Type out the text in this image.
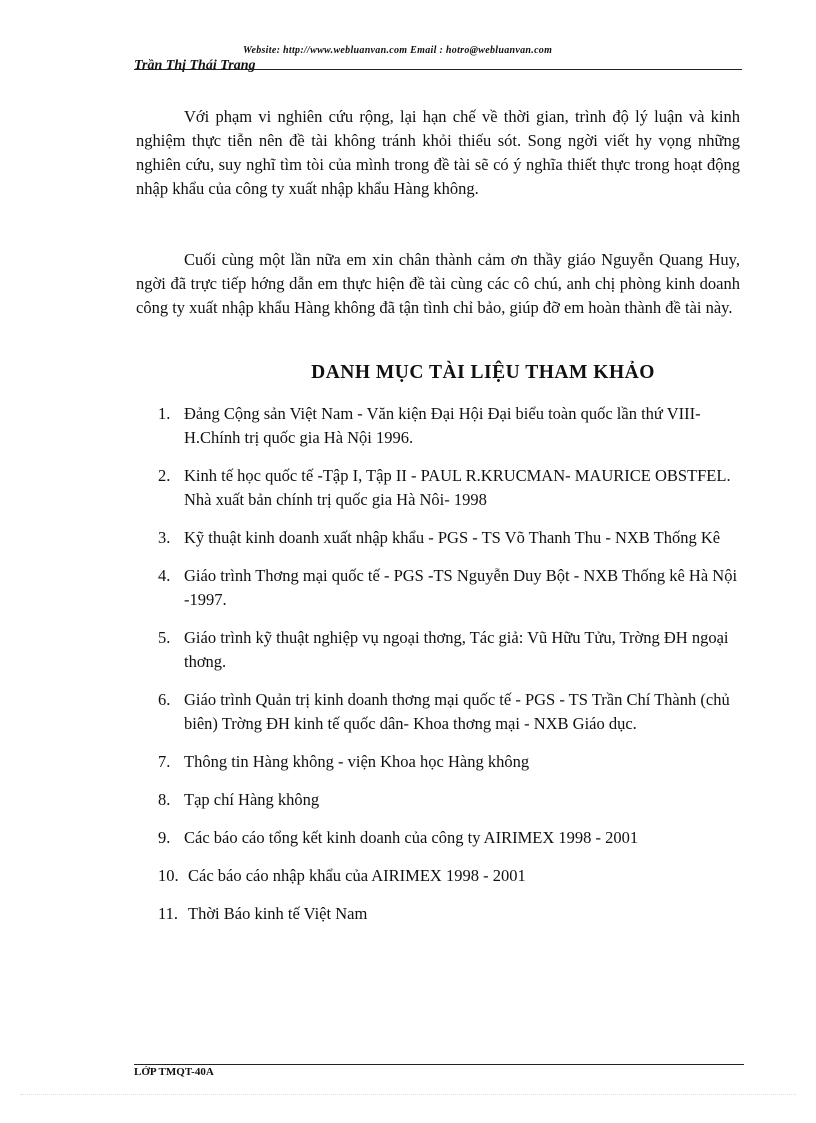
Website: http://www.webluanvan.com Email : hotro@webluanvan.com
Trần Thị Thái Trang

Với phạm vi nghiên cứu rộng, lại hạn chế về thời gian, trình độ lý luận và kinh nghiệm thực tiễn nên đề tài không tránh khỏi thiếu sót. Song ngời viết hy vọng những nghiên cứu, suy nghĩ tìm tòi của mình trong đề tài sẽ có ý nghĩa thiết thực trong hoạt động nhập khẩu của công ty xuất nhập khẩu Hàng không.

Cuối cùng một lần nữa em xin chân thành cảm ơn thầy giáo Nguyễn Quang Huy, ngời đã trực tiếp hớng dẫn em thực hiện đề tài cùng các cô chú, anh chị phòng kinh doanh công ty xuất nhập khẩu Hàng không đã tận tình chỉ bảo, giúp đỡ em hoàn thành đề tài này.

DANH MỤC TÀI LIỆU THAM KHẢO
1. Đảng Cộng sản Việt Nam - Văn kiện Đại Hội Đại biểu toàn quốc lần thứ VIII- H.Chính trị quốc gia Hà Nội 1996.
2. Kinh tế học quốc tế -Tập I, Tập II - PAUL R.KRUCMAN- MAURICE OBSTFEL. Nhà xuất bản chính trị quốc gia Hà Nôi- 1998
3. Kỹ thuật kinh doanh xuất nhập khẩu - PGS - TS Võ Thanh Thu - NXB Thống Kê
4. Giáo trình Thơng mại quốc tế - PGS -TS Nguyễn Duy Bột - NXB Thống kê Hà Nội -1997.
5. Giáo trình kỹ thuật nghiệp vụ ngoại thơng, Tác giả: Vũ Hữu Tửu, Trờng ĐH ngoại thơng.
6. Giáo trình Quản trị kinh doanh thơng mại quốc tế - PGS - TS Trần Chí Thành (chủ biên) Trờng ĐH kinh tế quốc dân- Khoa thơng mại - NXB Giáo dục.
7. Thông tin Hàng không - viện Khoa học Hàng không
8. Tạp chí Hàng không
9. Các báo cáo tổng kết kinh doanh của công ty AIRIMEX 1998 - 2001
10. Các báo cáo nhập khẩu của AIRIMEX 1998 - 2001
11. Thời Báo kinh tế Việt Nam
LỚP TMQT-40A
